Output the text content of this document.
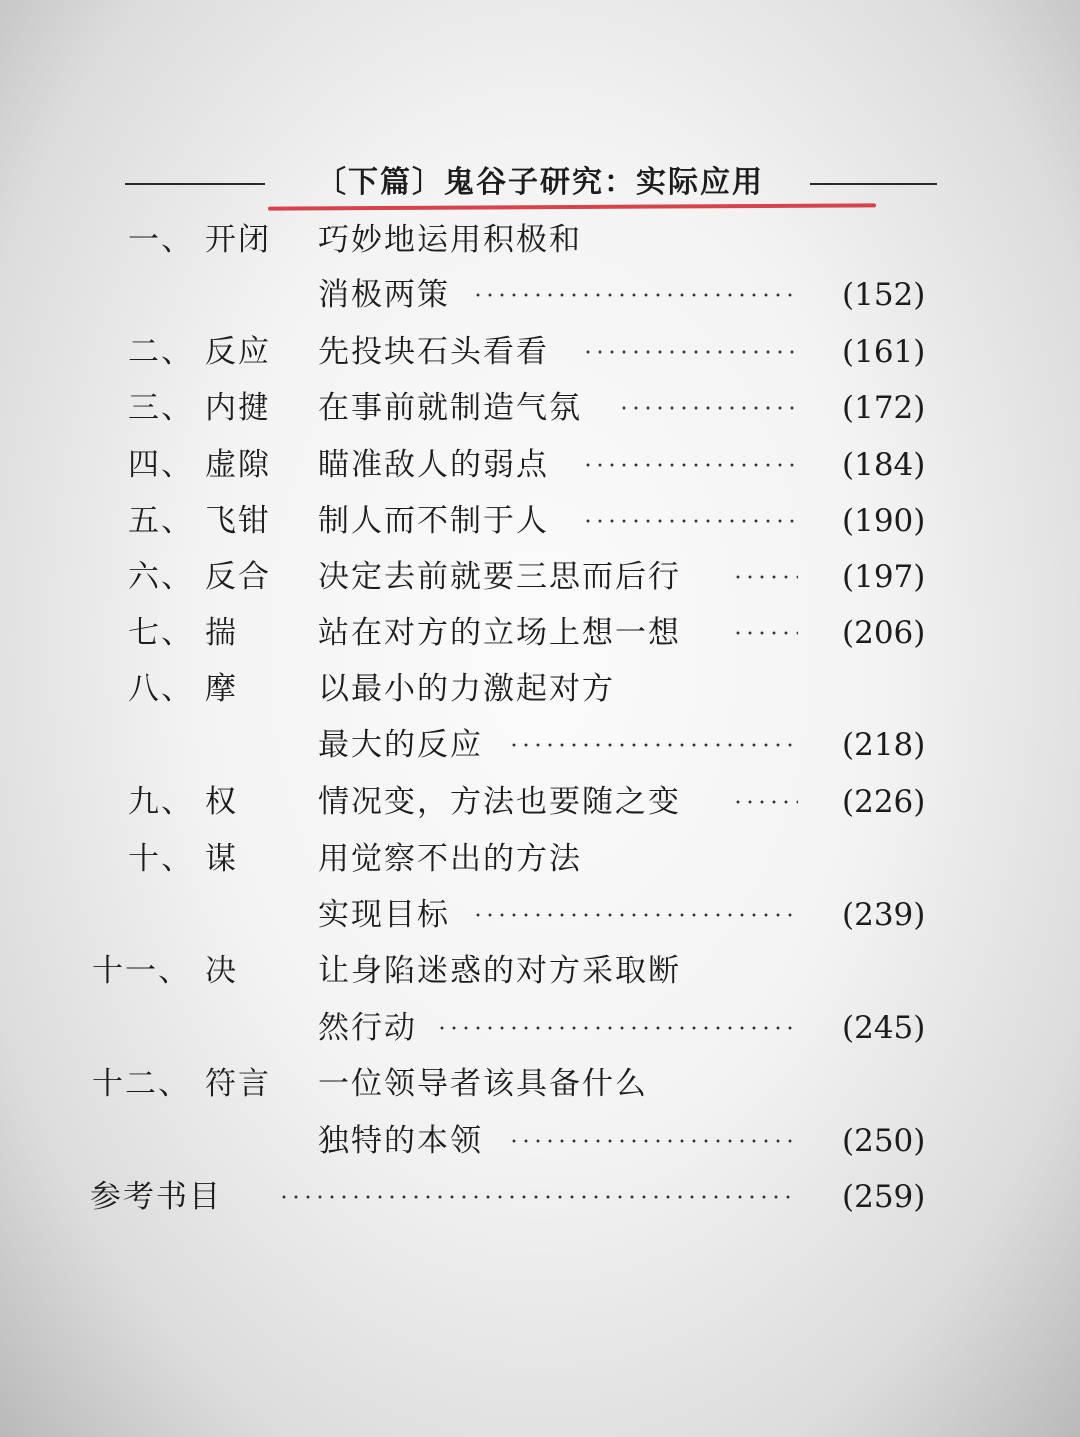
〔下篇〕鬼谷子研究：实际应用
一、 开闭 巧妙地运用积极和
消极两策	(152)
二、 反应 先投块石头看看	(161)
三、 内揵 在事前就制造气氛	(172)
四、 虚隙 瞄准敌人的弱点	(184)
五、 飞钳 制人而不制于人	(190)
六、 反合 决定去前就要三思而后行	(197)
七、 揣	站在对方的立场上想一想	(206)
八、 摩	以最小的力激起对方
最大的反应	(218)
九、 权	情况变，方法也要随之变	(226)
十、 谋	用觉察不出的方法
实现目标	(239)
十一、 决	让身陷迷惑的对方采取断
然行动	(245)
十二、 符言 一位领导者该具备什么
独特的本领	(250)
参考书目	(259)
